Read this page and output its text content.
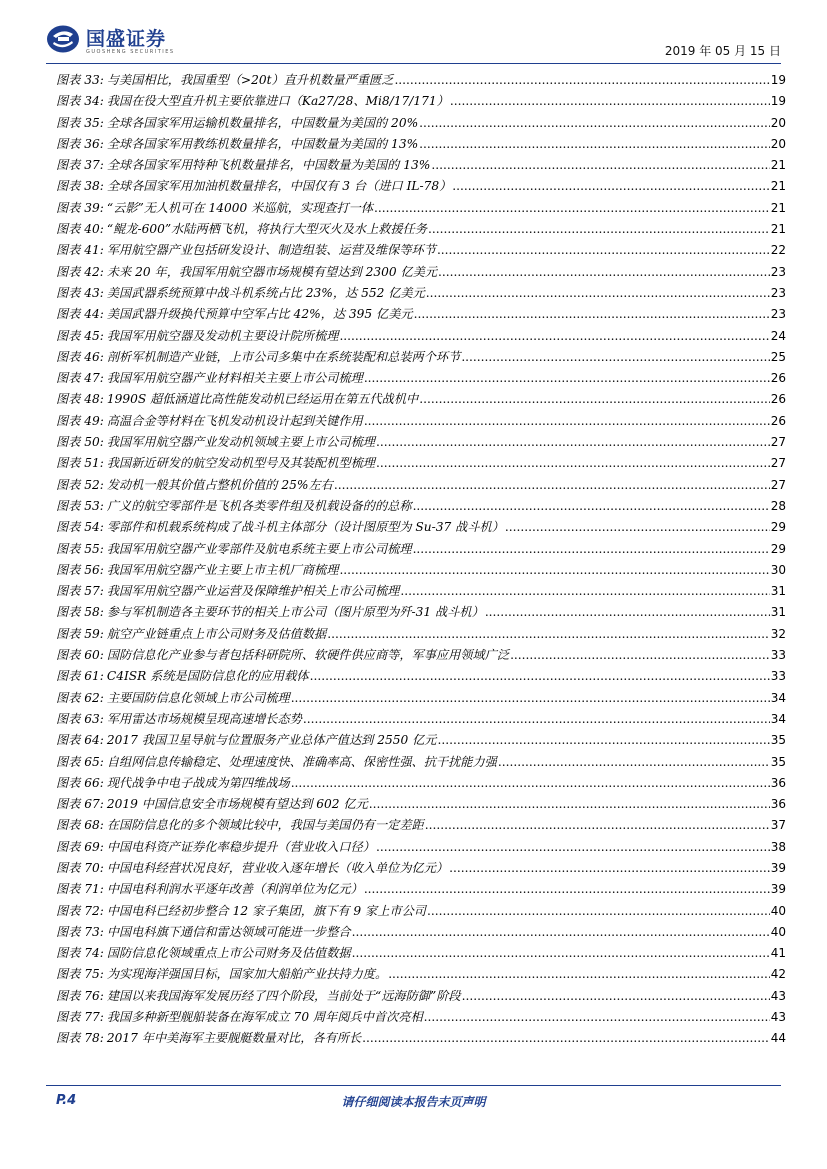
国盛证券
GUOSHENG SECURITIES	2019 年 05 月 15 日
图表 33: 与美国相比，我国重型（>20t）直升机数量严重匮乏 .....	19
图表 34: 我国在役大型直升机主要依靠进口（Ka27/28、Mi8/17/171） .....	19
图表 35: 全球各国家军用运输机数量排名，中国数量为美国的 20% .....	20
图表 36: 全球各国家军用教练机数量排名，中国数量为美国的 13% .....	20
图表 37: 全球各国家军用特种飞机数量排名，中国数量为美国的 13% .....	21
图表 38: 全球各国家军用加油机数量排名，中国仅有 3 台（进口 IL-78） .....	21
图表 39: “云影”无人机可在 14000 米巡航，实现查打一体 .....	21
图表 40: “鲲龙-600”水陆两栖飞机，将执行大型灭火及水上救援任务 .....	21
图表 41: 军用航空器产业包括研发设计、制造组装、运营及维保等环节 .....	22
图表 42: 未来 20 年，我国军用航空器市场规模有望达到 2300 亿美元 .....	23
图表 43: 美国武器系统预算中战斗机系统占比 23%，达 552 亿美元 .....	23
图表 44: 美国武器升级换代预算中空军占比 42%，达 395 亿美元 .....	23
图表 45: 我国军用航空器及发动机主要设计院所梳理 .....	24
图表 46: 剖析军机制造产业链，上市公司多集中在系统装配和总装两个环节 .....	25
图表 47: 我国军用航空器产业材料相关主要上市公司梳理 .....	26
图表 48: 1990S 超低涵道比高性能发动机已经运用在第五代战机中 .....	26
图表 49: 高温合金等材料在飞机发动机设计起到关键作用 .....	26
图表 50: 我国军用航空器产业发动机领域主要上市公司梳理 .....	27
图表 51: 我国新近研发的航空发动机型号及其装配机型梳理 .....	27
图表 52: 发动机一般其价值占整机价值的 25%左右 .....	27
图表 53: 广义的航空零部件是飞机各类零件组及机载设备的的总称 .....	28
图表 54: 零部件和机载系统构成了战斗机主体部分（设计图原型为 Su-37 战斗机） .....	29
图表 55: 我国军用航空器产业零部件及航电系统主要上市公司梳理 .....	29
图表 56: 我国军用航空器产业主要上市主机厂商梳理 .....	30
图表 57: 我国军用航空器产业运营及保障维护相关上市公司梳理 .....	31
图表 58: 参与军机制造各主要环节的相关上市公司（图片原型为歼-31 战斗机） .....	31
图表 59: 航空产业链重点上市公司财务及估值数据 .....	32
图表 60: 国防信息化产业参与者包括科研院所、软硬件供应商等，军事应用领域广泛 .....	33
图表 61: C4ISR 系统是国防信息化的应用载体 .....	33
图表 62: 主要国防信息化领域上市公司梳理 .....	34
图表 63: 军用雷达市场规模呈现高速增长态势 .....	34
图表 64: 2017 我国卫星导航与位置服务产业总体产值达到 2550 亿元 .....	35
图表 65: 自组网信息传输稳定、处理速度快、准确率高、保密性强、抗干扰能力强 .....	35
图表 66: 现代战争中电子战成为第四维战场 .....	36
图表 67: 2019 中国信息安全市场规模有望达到 602 亿元 .....	36
图表 68: 在国防信息化的多个领域比较中，我国与美国仍有一定差距 .....	37
图表 69: 中国电科资产证券化率稳步提升（营业收入口径） .....	38
图表 70: 中国电科经营状况良好，营业收入逐年增长（收入单位为亿元） .....	39
图表 71: 中国电科利润水平逐年改善（利润单位为亿元） .....	39
图表 72: 中国电科已经初步整合 12 家子集团，旗下有 9 家上市公司 .....	40
图表 73: 中国电科旗下通信和雷达领域可能进一步整合 .....	40
图表 74: 国防信息化领域重点上市公司财务及估值数据 .....	41
图表 75: 为实现海洋强国目标，国家加大船舶产业扶持力度。 .....	42
图表 76: 建国以来我国海军发展历经了四个阶段，当前处于“远海防御”阶段 .....	43
图表 77: 我国多种新型舰船装备在海军成立 70 周年阅兵中首次亮相 .....	43
图表 78: 2017 年中美海军主要舰艇数量对比，各有所长 .....	44
P.4	请仔细阅读本报告末页声明
